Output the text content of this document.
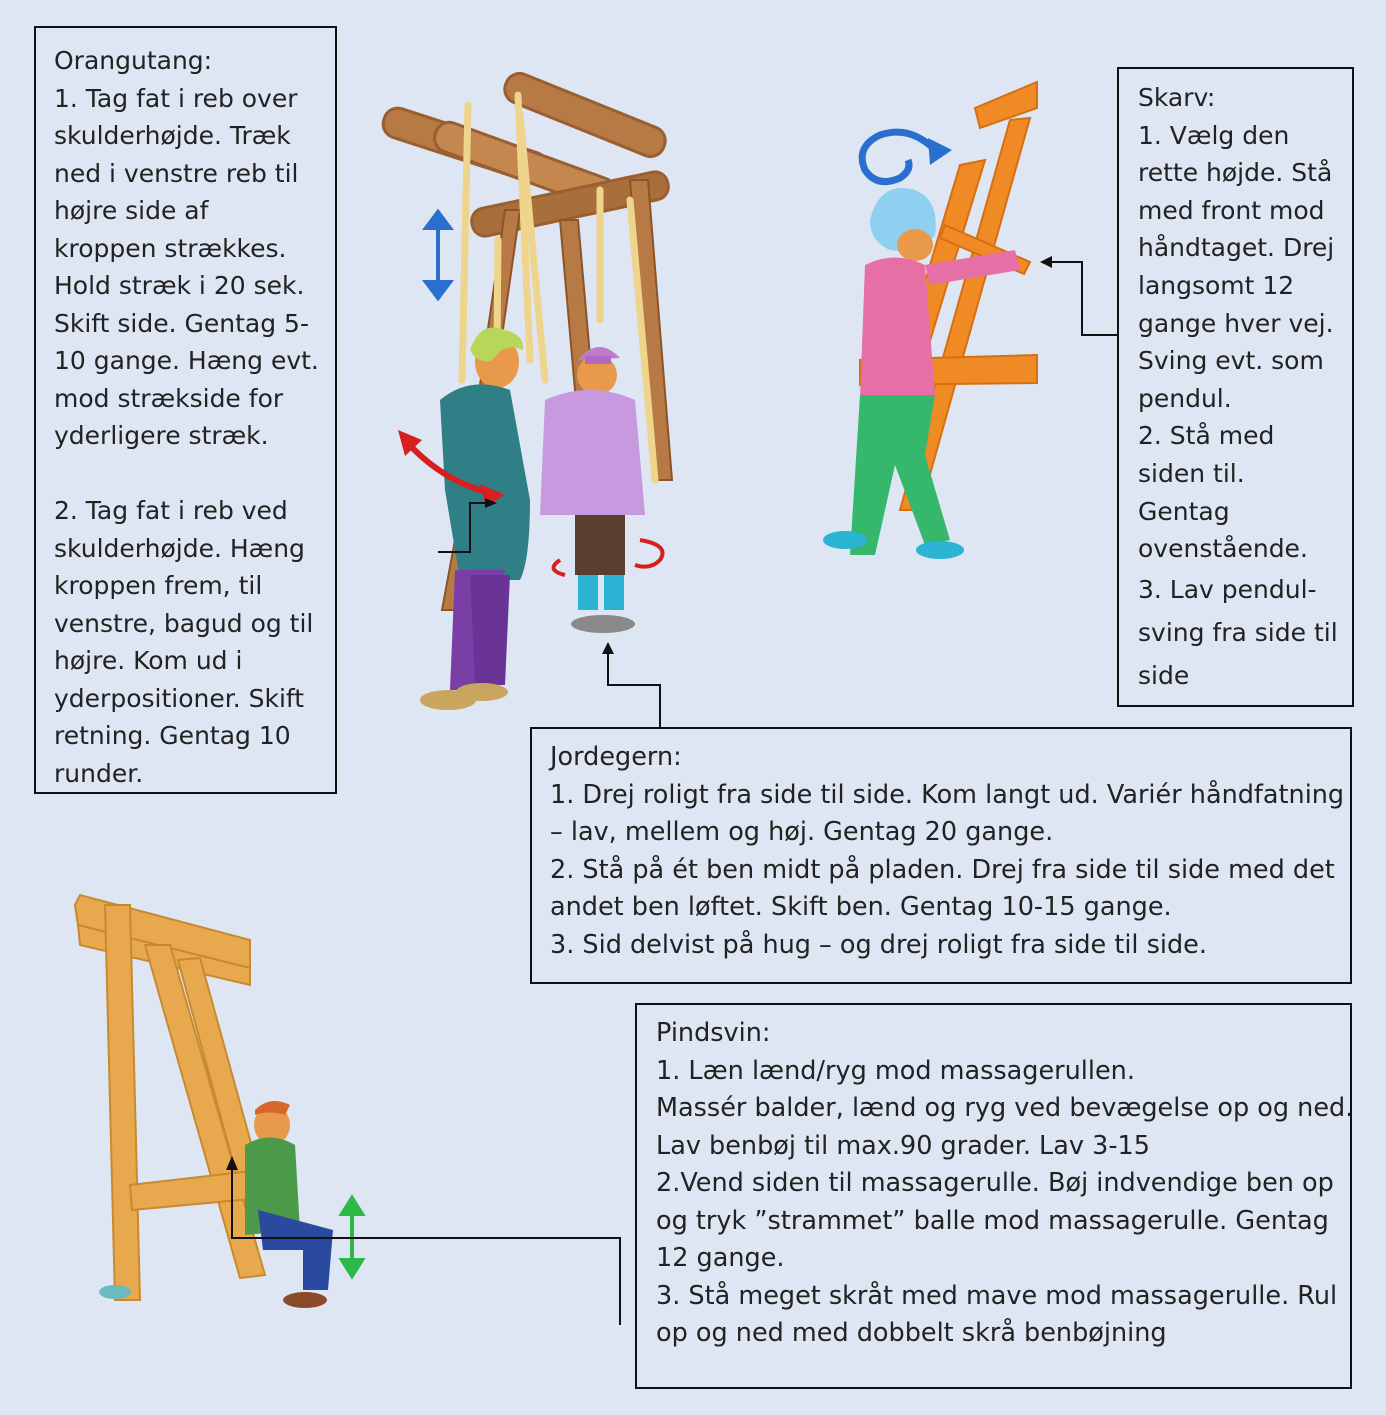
Orangutang:
1. Tag fat i reb over
skulderhøjde. Træk
ned i venstre reb til
højre side af
kroppen strækkes.
Hold stræk i 20 sek.
Skift side. Gentag 5-
10 gange. Hæng evt.
mod strækside for
yderligere stræk.
2. Tag fat i reb ved
skulderhøjde. Hæng
kroppen frem, til
venstre, bagud og til
højre. Kom ud i
yderpositioner. Skift
retning. Gentag 10
runder.
Skarv:
1. Vælg den
rette højde. Stå
med front mod
håndtaget. Drej
langsomt 12
gange hver vej.
Sving evt. som
pendul.
2. Stå med
siden til.
Gentag
ovenstående.
3. Lav pendul-
sving fra side til
side
Jordegern:
1. Drej roligt fra side til side. Kom langt ud. Variér håndfatning
– lav, mellem og høj. Gentag 20 gange.
2. Stå på ét ben midt på pladen. Drej fra side til side med det
andet ben løftet. Skift ben. Gentag 10-15 gange.
3. Sid delvist på hug – og drej roligt fra side til side.
Pindsvin:
1. Læn lænd/ryg mod massagerullen.
Massér balder, lænd og ryg ved bevægelse op og ned.
Lav benbøj til max.90 grader. Lav 3-15
2.Vend siden til massagerulle. Bøj indvendige ben op
og tryk ”strammet” balle mod massagerulle. Gentag
12 gange.
3. Stå meget skråt med mave mod massagerulle. Rul
op og ned med dobbelt skrå benbøjning
